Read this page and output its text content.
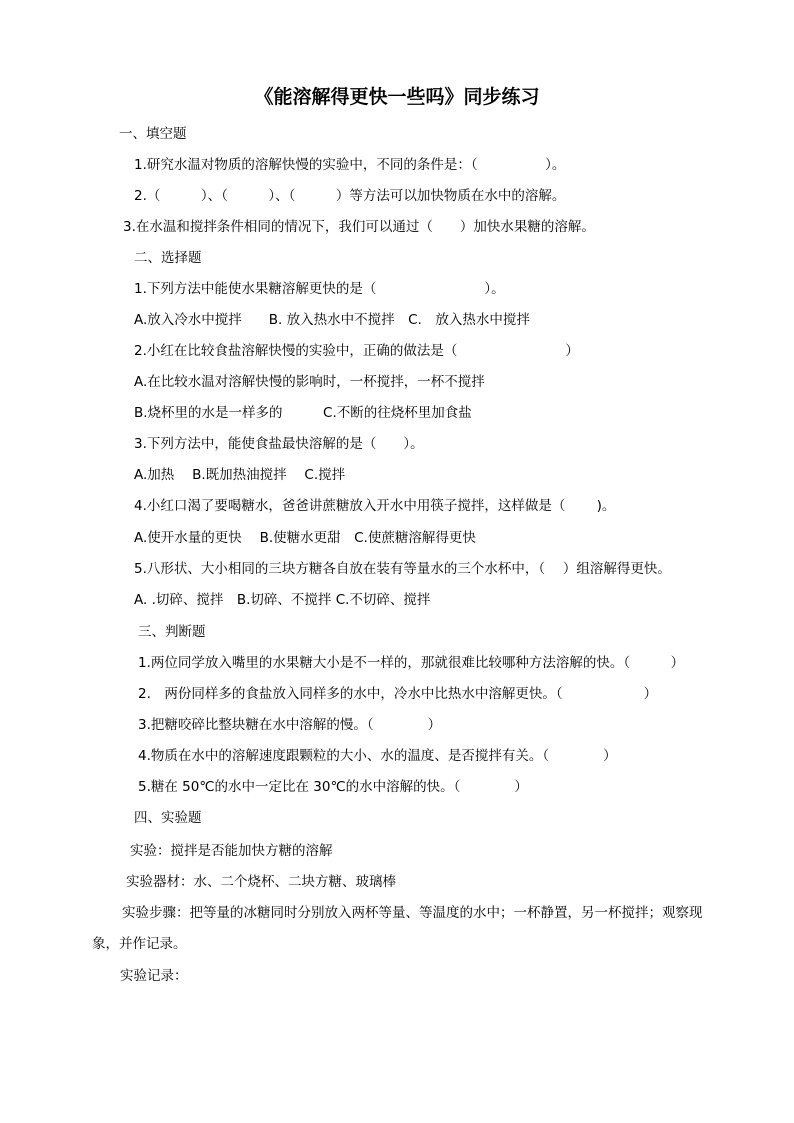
《能溶解得更快一些吗》同步练习
一、填空题
1.研究水温对物质的溶解快慢的实验中，不同的条件是：（　　　　　）。
2.（　　　）、（　　　）、（　　　）等方法可以加快物质在水中的溶解。
3.在水温和搅拌条件相同的情况下，我们可以通过（　　）加快水果糖的溶解。
二、选择题
1.下列方法中能使水果糖溶解更快的是（　　　　　　　　）。
A.放入冷水中搅拌　　B. 放入热水中不搅拌　C.　放入热水中搅拌
2.小红在比较食盐溶解快慢的实验中，正确的做法是（　　　　　　　　）
A.在比较水温对溶解快慢的影响时，一杯搅拌，一杯不搅拌
B.烧杯里的水是一样多的　　　C.不断的往烧杯里加食盐
3.下列方法中，能使食盐最快溶解的是（　　）。
A.加热　 B.既加热油搅拌　 C.搅拌
4.小红口渴了要喝糖水，爸爸讲蔗糖放入开水中用筷子搅拌，这样做是（　　 )。
A.使开水量的更快　 B.使糖水更甜　C.使蔗糖溶解得更快
5.八形状、大小相同的三块方糖各自放在装有等量水的三个水杯中，（　 ）组溶解得更快。
A. .切碎、搅拌　B.切碎、不搅拌 C.不切碎、搅拌
三、判断题
1.两位同学放入嘴里的水果糖大小是不一样的，那就很难比较哪种方法溶解的快。（　　　）
2.　两份同样多的食盐放入同样多的水中，冷水中比热水中溶解更快。（　　　　　　）
3.把糖咬碎比整块糖在水中溶解的慢。（　　　　）
4.物质在水中的溶解速度跟颗粒的大小、水的温度、是否搅拌有关。（　　　　）
5.糖在 50℃的水中一定比在 30℃的水中溶解的快。（　　　　）
四、实验题
实验：搅拌是否能加快方糖的溶解
实验器材：水、二个烧杯、二块方糖、玻璃棒
实验步骤：把等量的冰糖同时分别放入两杯等量、等温度的水中；一杯静置，另一杯搅拌；观察现象，并作记录。
实验记录：
